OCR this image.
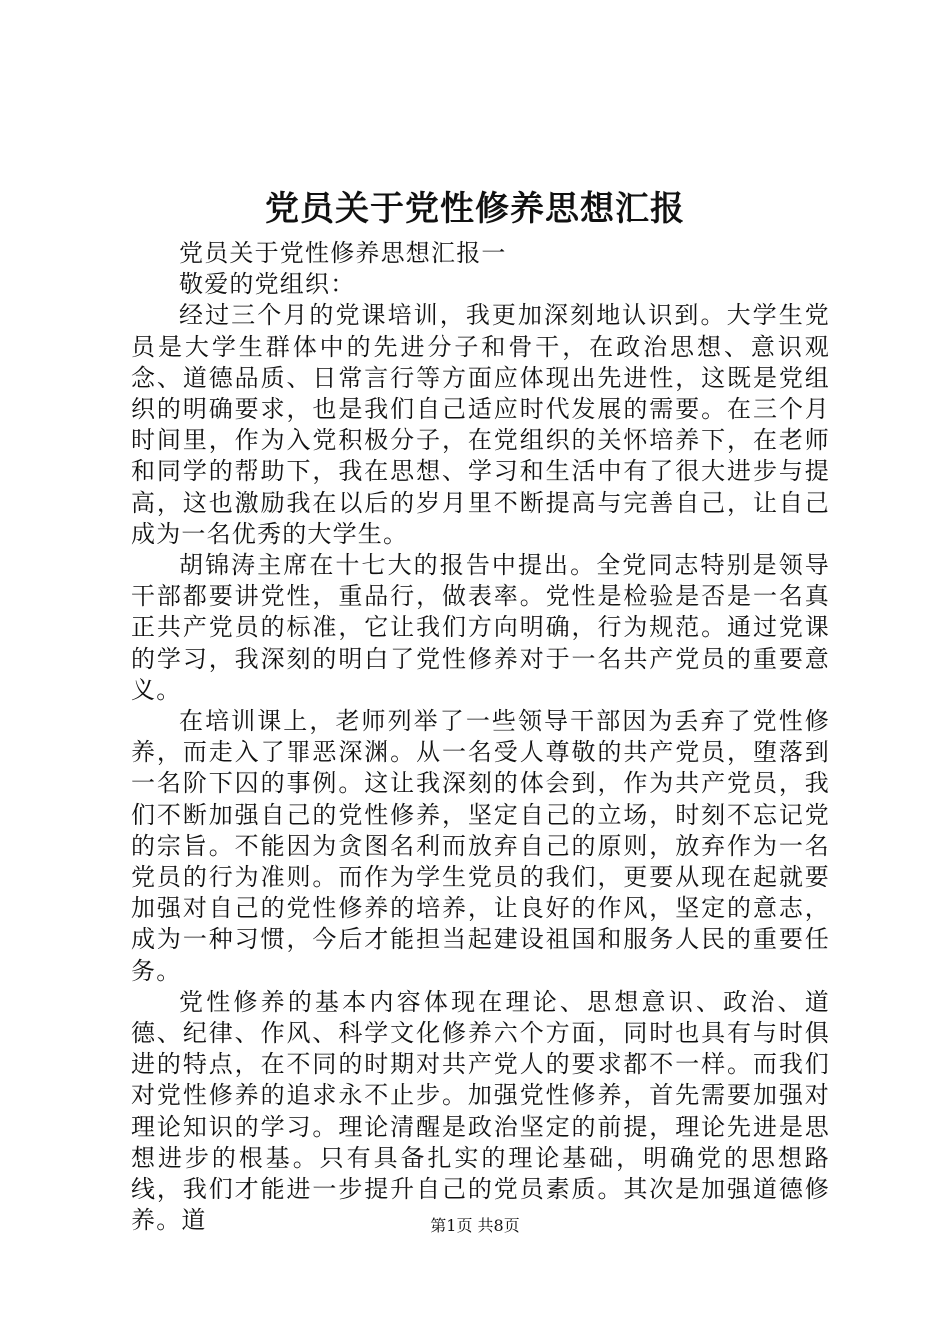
党员关于党性修养思想汇报

党员关于党性修养思想汇报一

敬爱的党组织：

经过三个月的党课培训，我更加深刻地认识到。大学生党员是大学生群体中的先进分子和骨干，在政治思想、意识观念、道德品质、日常言行等方面应体现出先进性，这既是党组织的明确要求，也是我们自己适应时代发展的需要。在三个月时间里，作为入党积极分子，在党组织的关怀培养下，在老师和同学的帮助下，我在思想、学习和生活中有了很大进步与提高，这也激励我在以后的岁月里不断提高与完善自己，让自己成为一名优秀的大学生。

胡锦涛主席在十七大的报告中提出。全党同志特别是领导干部都要讲党性，重品行，做表率。党性是检验是否是一名真正共产党员的标准，它让我们方向明确，行为规范。通过党课的学习，我深刻的明白了党性修养对于一名共产党员的重要意义。

在培训课上，老师列举了一些领导干部因为丢弃了党性修养，而走入了罪恶深渊。从一名受人尊敬的共产党员，堕落到一名阶下囚的事例。这让我深刻的体会到，作为共产党员，我们不断加强自己的党性修养，坚定自己的立场，时刻不忘记党的宗旨。不能因为贪图名利而放弃自己的原则，放弃作为一名党员的行为准则。而作为学生党员的我们，更要从现在起就要加强对自己的党性修养的培养，让良好的作风，坚定的意志，成为一种习惯，今后才能担当起建设祖国和服务人民的重要任务。

党性修养的基本内容体现在理论、思想意识、政治、道德、纪律、作风、科学文化修养六个方面，同时也具有与时俱进的特点，在不同的时期对共产党人的要求都不一样。而我们对党性修养的追求永不止步。加强党性修养，首先需要加强对理论知识的学习。理论清醒是政治坚定的前提，理论先进是思想进步的根基。只有具备扎实的理论基础，明确党的思想路线，我们才能进一步提升自己的党员素质。其次是加强道德修养。道	第1页 共8页
